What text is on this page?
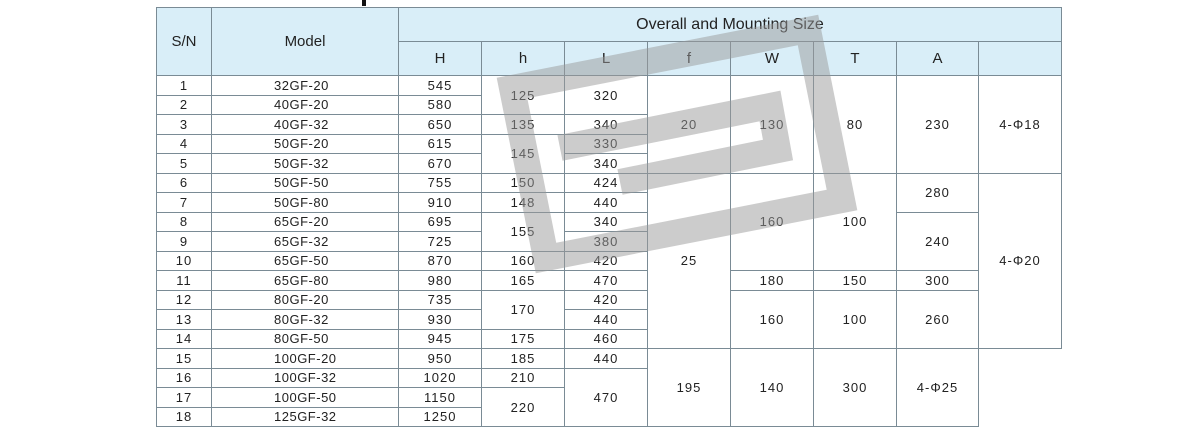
S/N	Model	Overall and Mounting Size							
		H	h	L	f	W	T	A	
1	32GF-20	545	125	320	20	130	80	230	4-Φ18
2	40GF-20	580							
3	40GF-32	650	135	340					
4	50GF-20	615	145	330					
5	50GF-32	670		340					
6	50GF-50	755	150	424	25	160	100	280	4-Φ20
7	50GF-80	910	148	440					
8	65GF-20	695	155	340				240	
9	65GF-32	725		380					
10	65GF-50	870	160	420					
11	65GF-80	980	165	470		180	150	300	
12	80GF-20	735	170	420		160	100	260	
13	80GF-32	930		440					
14	80GF-50	945	175	460					
15	100GF-20	950	185	440	195	140	300	4-Φ25	
16	100GF-32	1020	210	470					
17	100GF-50	1150	220						
18	125GF-32	1250							
